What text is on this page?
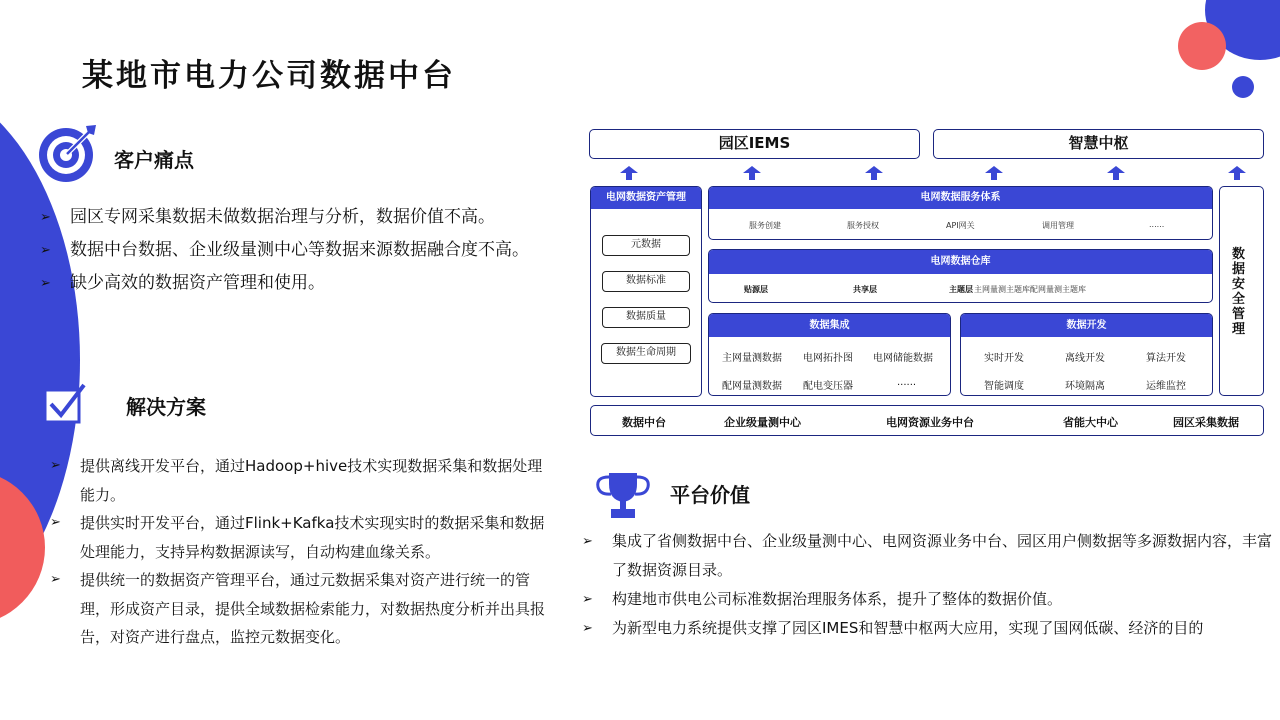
某地市电力公司数据中台
客户痛点
➢ 园区专网采集数据未做数据治理与分析，数据价值不高。
➢ 数据中台数据、企业级量测中心等数据来源数据融合度不高。
➢ 缺少高效的数据资产管理和使用。
解决方案
➢ 提供离线开发平台，通过Hadoop+hive技术实现数据采集和数据处理能力。
➢ 提供实时开发平台，通过Flink+Kafka技术实现实时的数据采集和数据处理能力，支持异构数据源读写，自动构建血缘关系。
➢ 提供统一的数据资产管理平台，通过元数据采集对资产进行统一的管理，形成资产目录，提供全域数据检索能力，对数据热度分析并出具报告，对资产进行盘点，监控元数据变化。
平台价值
➢ 集成了省侧数据中台、企业级量测中心、电网资源业务中台、园区用户侧数据等多源数据内容，丰富了数据资源目录。
➢ 构建地市供电公司标准数据治理服务体系，提升了整体的数据价值。
➢ 为新型电力系统提供支撑了园区IMES和智慧中枢两大应用，实现了国网低碳、经济的目的
园区IEMS	智慧中枢
电网数据资产管理
元数据
数据标准
数据质量
数据生命周期
电网数据服务体系
服务创建	服务授权	API网关	调用管理	......
电网数据仓库
贴源层	共享层	主题层 主网量测主题库配网量测主题库
数据集成
主网量测数据 电网拓扑图 电网储能数据
配网量测数据 配电变压器	......
数据开发
实时开发	离线开发	算法开发
智能调度	环境隔离	运维监控
数据安全管理
数据中台	企业级量测中心	电网资源业务中台	省能大中心	园区采集数据
